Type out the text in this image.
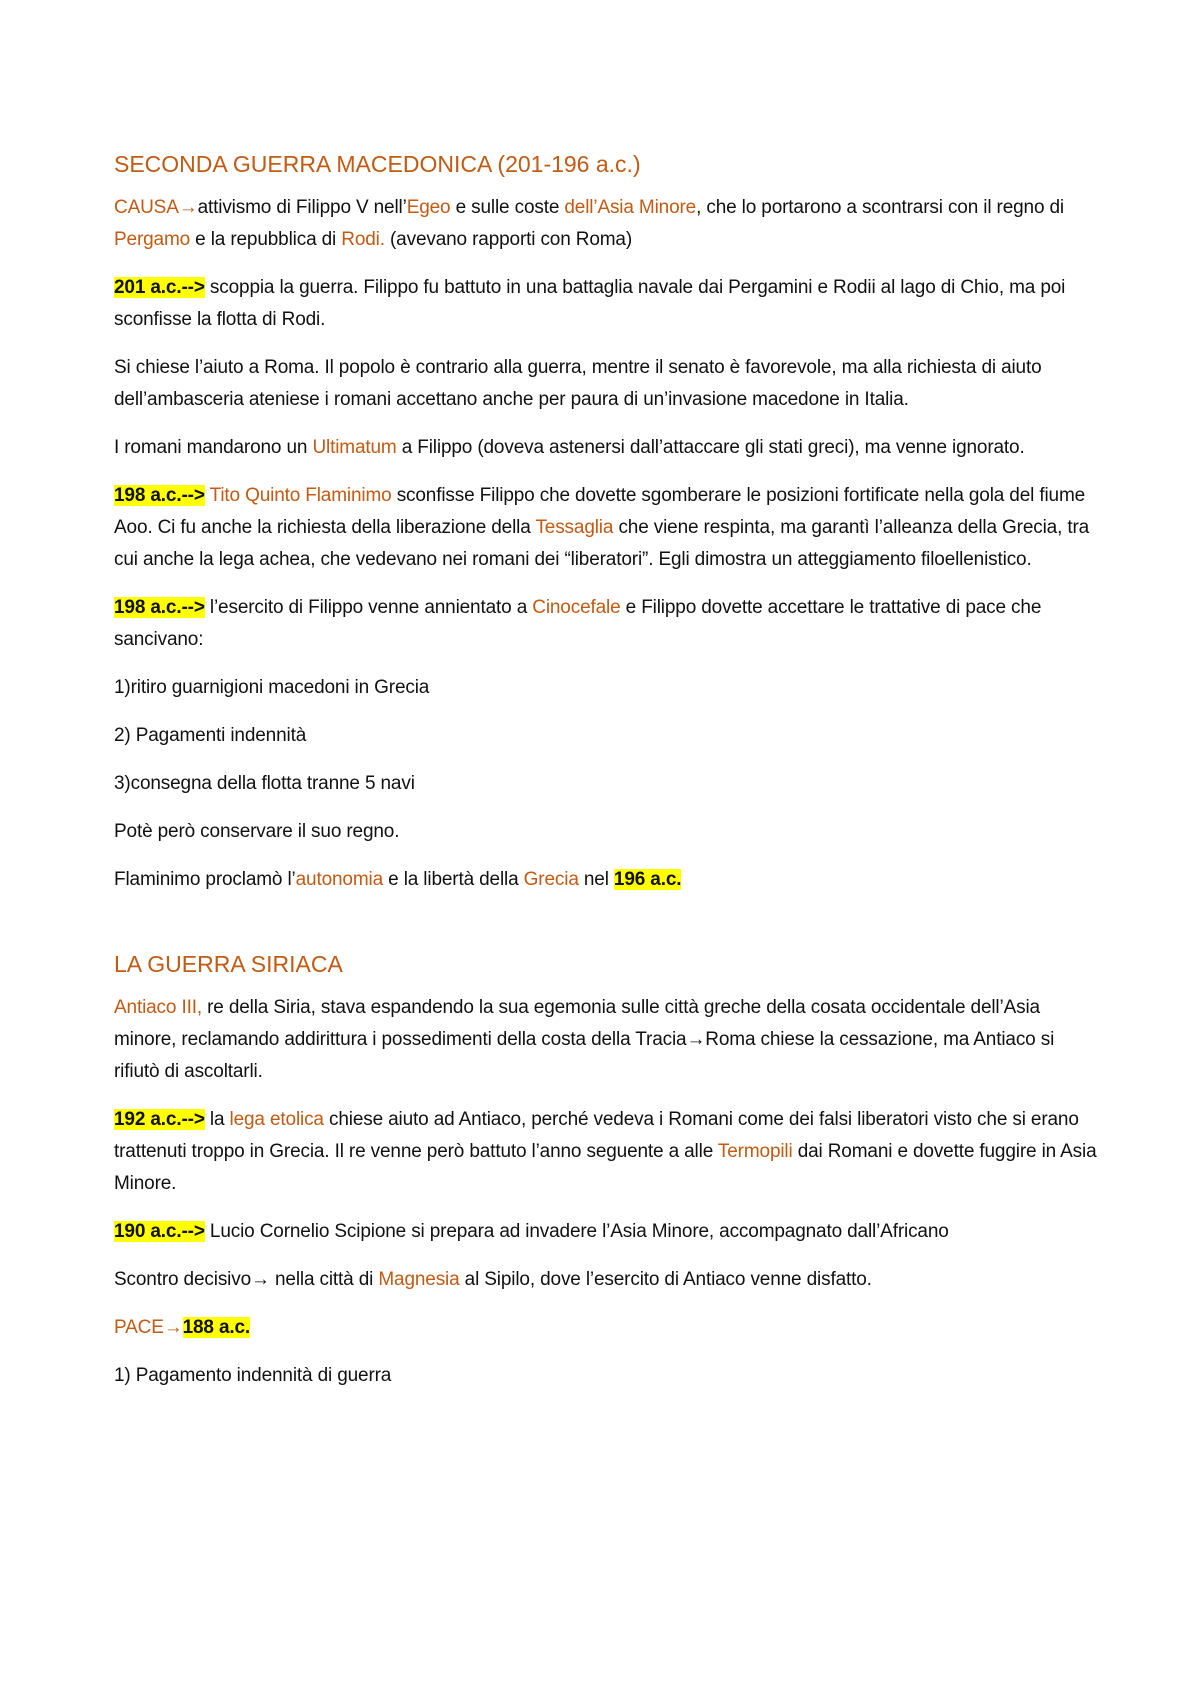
SECONDA GUERRA MACEDONICA (201-196 a.c.)

CAUSA→attivismo di Filippo V nell’Egeo e sulle coste dell’Asia Minore, che lo portarono a scontrarsi con il regno di Pergamo e la repubblica di Rodi. (avevano rapporti con Roma)

201 a.c.--> scoppia la guerra. Filippo fu battuto in una battaglia navale dai Pergamini e Rodii al lago di Chio, ma poi sconfisse la flotta di Rodi.

Si chiese l’aiuto a Roma. Il popolo è contrario alla guerra, mentre il senato è favorevole, ma alla richiesta di aiuto dell’ambasceria ateniese i romani accettano anche per paura di un’invasione macedone in Italia.

I romani mandarono un Ultimatum a Filippo (doveva astenersi dall’attaccare gli stati greci), ma venne ignorato.

198 a.c.--> Tito Quinto Flaminimo sconfisse Filippo che dovette sgomberare le posizioni fortificate nella gola del fiume Aoo. Ci fu anche la richiesta della liberazione della Tessaglia che viene respinta, ma garantì l’alleanza della Grecia, tra cui anche la lega achea, che vedevano nei romani dei “liberatori”. Egli dimostra un atteggiamento filoellenistico.

198 a.c.--> l’esercito di Filippo venne annientato a Cinocefale e Filippo dovette accettare le trattative di pace che sancivano:

1)ritiro guarnigioni macedoni in Grecia

2) Pagamenti indennità

3)consegna della flotta tranne 5 navi

Potè però conservare il suo regno.

Flaminimo proclamò l’autonomia e la libertà della Grecia nel 196 a.c.

LA GUERRA SIRIACA

Antiaco III, re della Siria, stava espandendo la sua egemonia sulle città greche della cosata occidentale dell’Asia minore, reclamando addirittura i possedimenti della costa della Tracia→Roma chiese la cessazione, ma Antiaco si rifiutò di ascoltarli.

192 a.c.--> la lega etolica chiese aiuto ad Antiaco, perché vedeva i Romani come dei falsi liberatori visto che si erano trattenuti troppo in Grecia. Il re venne però battuto l’anno seguente a alle Termopili dai Romani e dovette fuggire in Asia Minore.

190 a.c.--> Lucio Cornelio Scipione si prepara ad invadere l’Asia Minore, accompagnato dall’Africano

Scontro decisivo→ nella città di Magnesia al Sipilo, dove l’esercito di Antiaco venne disfatto.

PACE→188 a.c.

1) Pagamento indennità di guerra
